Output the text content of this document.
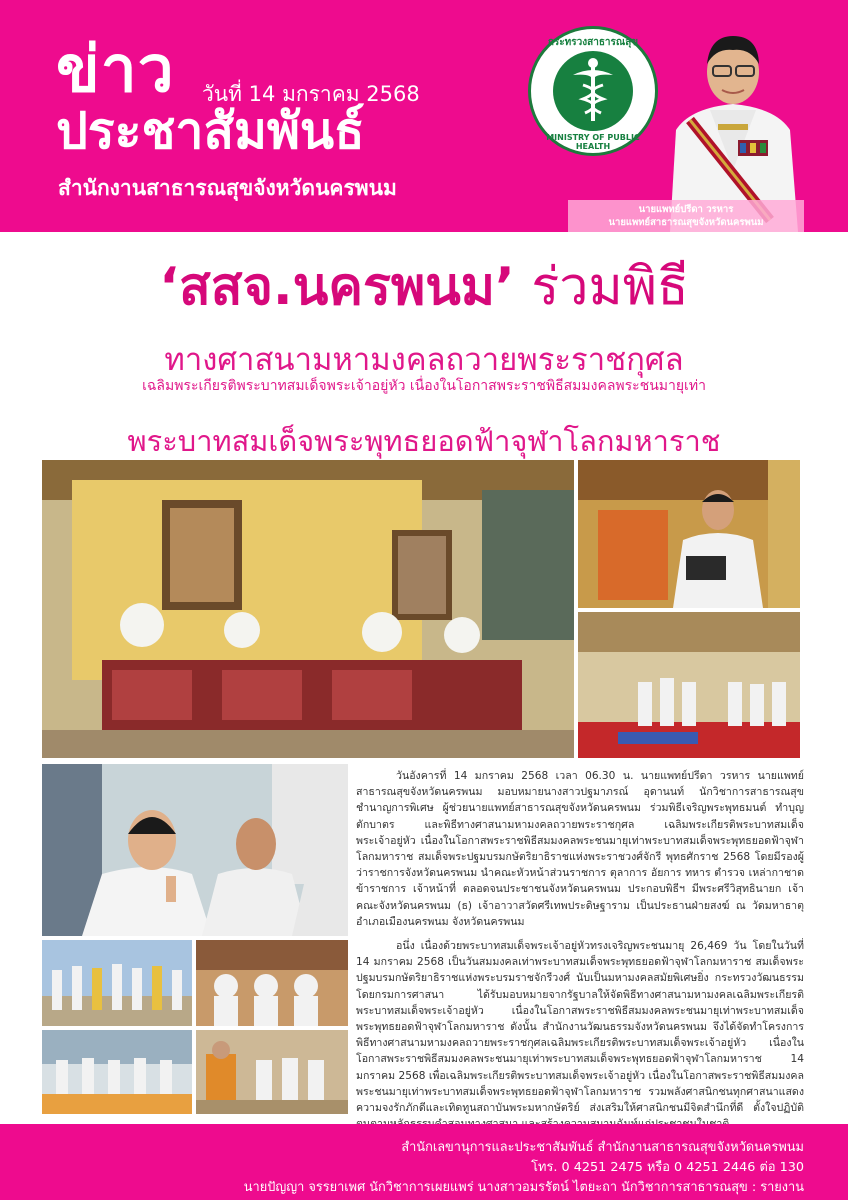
ข่าว วันที่ 14 มกราคม 2568
ประชาสัมพันธ์
สำนักงานสาธารณสุขจังหวัดนครพนม
กระทรวงสาธารณสุข
MINISTRY OF PUBLIC HEALTH
นายแพทย์ปรีดา วรหาร
นายแพทย์สาธารณสุขจังหวัดนครพนม
‘สสจ.นครพนม’ ร่วมพิธี
ทางศาสนามหามงคลถวายพระราชกุศล
เฉลิมพระเกียรติพระบาทสมเด็จพระเจ้าอยู่หัว เนื่องในโอกาสพระราชพิธีสมมงคลพระชนมายุเท่า
พระบาทสมเด็จพระพุทธยอดฟ้าจุฬาโลกมหาราช

วันอังคารที่ 14 มกราคม 2568 เวลา 06.30 น. นายแพทย์ปรีดา วรหาร นายแพทย์สาธารณสุขจังหวัดนครพนม มอบหมายนางสาวปฐมาภรณ์ อุดานนท์ นักวิชาการสาธารณสุขชำนาญการพิเศษ ผู้ช่วยนายแพทย์สาธารณสุขจังหวัดนครพนม ร่วมพิธีเจริญพระพุทธมนต์ ทำบุญตักบาตร และพิธีทางศาสนามหามงคลถวายพระราชกุศล เฉลิมพระเกียรติพระบาทสมเด็จพระเจ้าอยู่หัว เนื่องในโอกาสพระราชพิธีสมมงคลพระชนมายุเท่าพระบาทสมเด็จพระพุทธยอดฟ้าจุฬาโลกมหาราช สมเด็จพระปฐมบรมกษัตริยาธิราชแห่งพระราชวงศ์จักรี พุทธศักราช 2568 โดยมีรองผู้ว่าราชการจังหวัดนครพนม นำคณะหัวหน้าส่วนราชการ ตุลาการ อัยการ ทหาร ตำรวจ เหล่ากาชาด ข้าราชการ เจ้าหน้าที่ ตลอดจนประชาชนจังหวัดนครพนม ประกอบพิธีฯ มีพระศรีวิสุทธินายก เจ้าคณะจังหวัดนครพนม (ธ) เจ้าอาวาสวัดศรีเทพประดิษฐาราม เป็นประธานฝ่ายสงฆ์ ณ วัดมหาธาตุ อำเภอเมืองนครพนม จังหวัดนครพนม

อนึ่ง เนื่องด้วยพระบาทสมเด็จพระเจ้าอยู่หัวทรงเจริญพระชนมายุ 26,469 วัน โดยในวันที่ 14 มกราคม 2568 เป็นวันสมมงคลเท่าพระบาทสมเด็จพระพุทธยอดฟ้าจุฬาโลกมหาราช สมเด็จพระปฐมบรมกษัตริยาธิราชแห่งพระบรมราชจักรีวงศ์ นับเป็นมหามงคลสมัยพิเศษยิ่ง กระทรวงวัฒนธรรม โดยกรมการศาสนา ได้รับมอบหมายจากรัฐบาลให้จัดพิธีทางศาสนามหามงคลเฉลิมพระเกียรติพระบาทสมเด็จพระเจ้าอยู่หัว เนื่องในโอกาสพระราชพิธีสมมงคลพระชนมายุเท่าพระบาทสมเด็จพระพุทธยอดฟ้าจุฬาโลกมหาราช ดังนั้น สำนักงานวัฒนธรรมจังหวัดนครพนม จึงได้จัดทำโครงการพิธีทางศาสนามหามงคลถวายพระราชกุศลเฉลิมพระเกียรติพระบาทสมเด็จพระเจ้าอยู่หัว เนื่องในโอกาสพระราชพิธีสมมงคลพระชนมายุเท่าพระบาทสมเด็จพระพุทธยอดฟ้าจุฬาโลกมหาราช 14 มกราคม 2568 เพื่อเฉลิมพระเกียรติพระบาทสมเด็จพระเจ้าอยู่หัว เนื่องในโอกาสพระราชพิธีสมมงคลพระชนมายุเท่าพระบาทสมเด็จพระพุทธยอดฟ้าจุฬาโลกมหาราช รวมพลังศาสนิกชนทุกศาสนาแสดงความจงรักภักดีและเทิดทูนสถาบันพระมหากษัตริย์ ส่งเสริมให้ศาสนิกชนมีจิตสำนึกที่ดี ตั้งใจปฏิบัติ

สำนักเลขานุการและประชาสัมพันธ์ สำนักงานสาธารณสุขจังหวัดนครพนม
โทร. 0 4251 2475 หรือ 0 4251 2446 ต่อ 130
นายปัญญา จรรยาเพศ นักวิชาการเผยแพร่ นางสาวอมรรัตน์ ไตยะถา นักวิชาการสาธารณสุข : รายงาน
